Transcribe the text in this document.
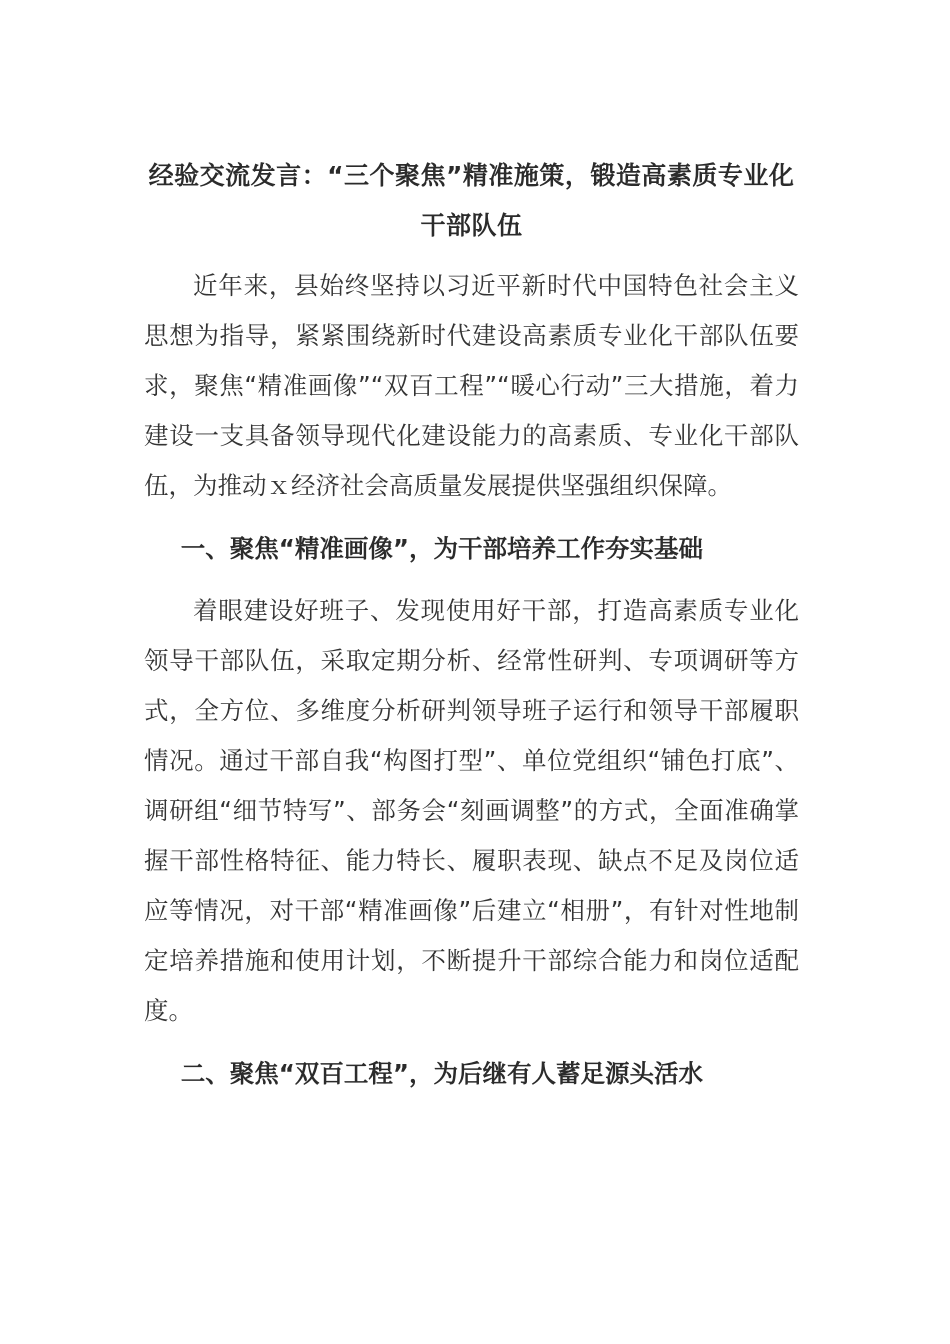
经验交流发言：“三个聚焦”精准施策，锻造高素质专业化干部队伍

近年来，县始终坚持以习近平新时代中国特色社会主义思想为指导，紧紧围绕新时代建设高素质专业化干部队伍要求，聚焦“精准画像”“双百工程”“暖心行动”三大措施，着力建设一支具备领导现代化建设能力的高素质、专业化干部队伍，为推动ｘ经济社会高质量发展提供坚强组织保障。

一、聚焦“精准画像”，为干部培养工作夯实基础

着眼建设好班子、发现使用好干部，打造高素质专业化领导干部队伍，采取定期分析、经常性研判、专项调研等方式，全方位、多维度分析研判领导班子运行和领导干部履职情况。通过干部自我“构图打型”、单位党组织“铺色打底”、调研组“细节特写”、部务会“刻画调整”的方式，全面准确掌握干部性格特征、能力特长、履职表现、缺点不足及岗位适应等情况，对干部“精准画像”后建立“相册”，有针对性地制定培养措施和使用计划，不断提升干部综合能力和岗位适配度。

二、聚焦“双百工程”，为后继有人蓄足源头活水
